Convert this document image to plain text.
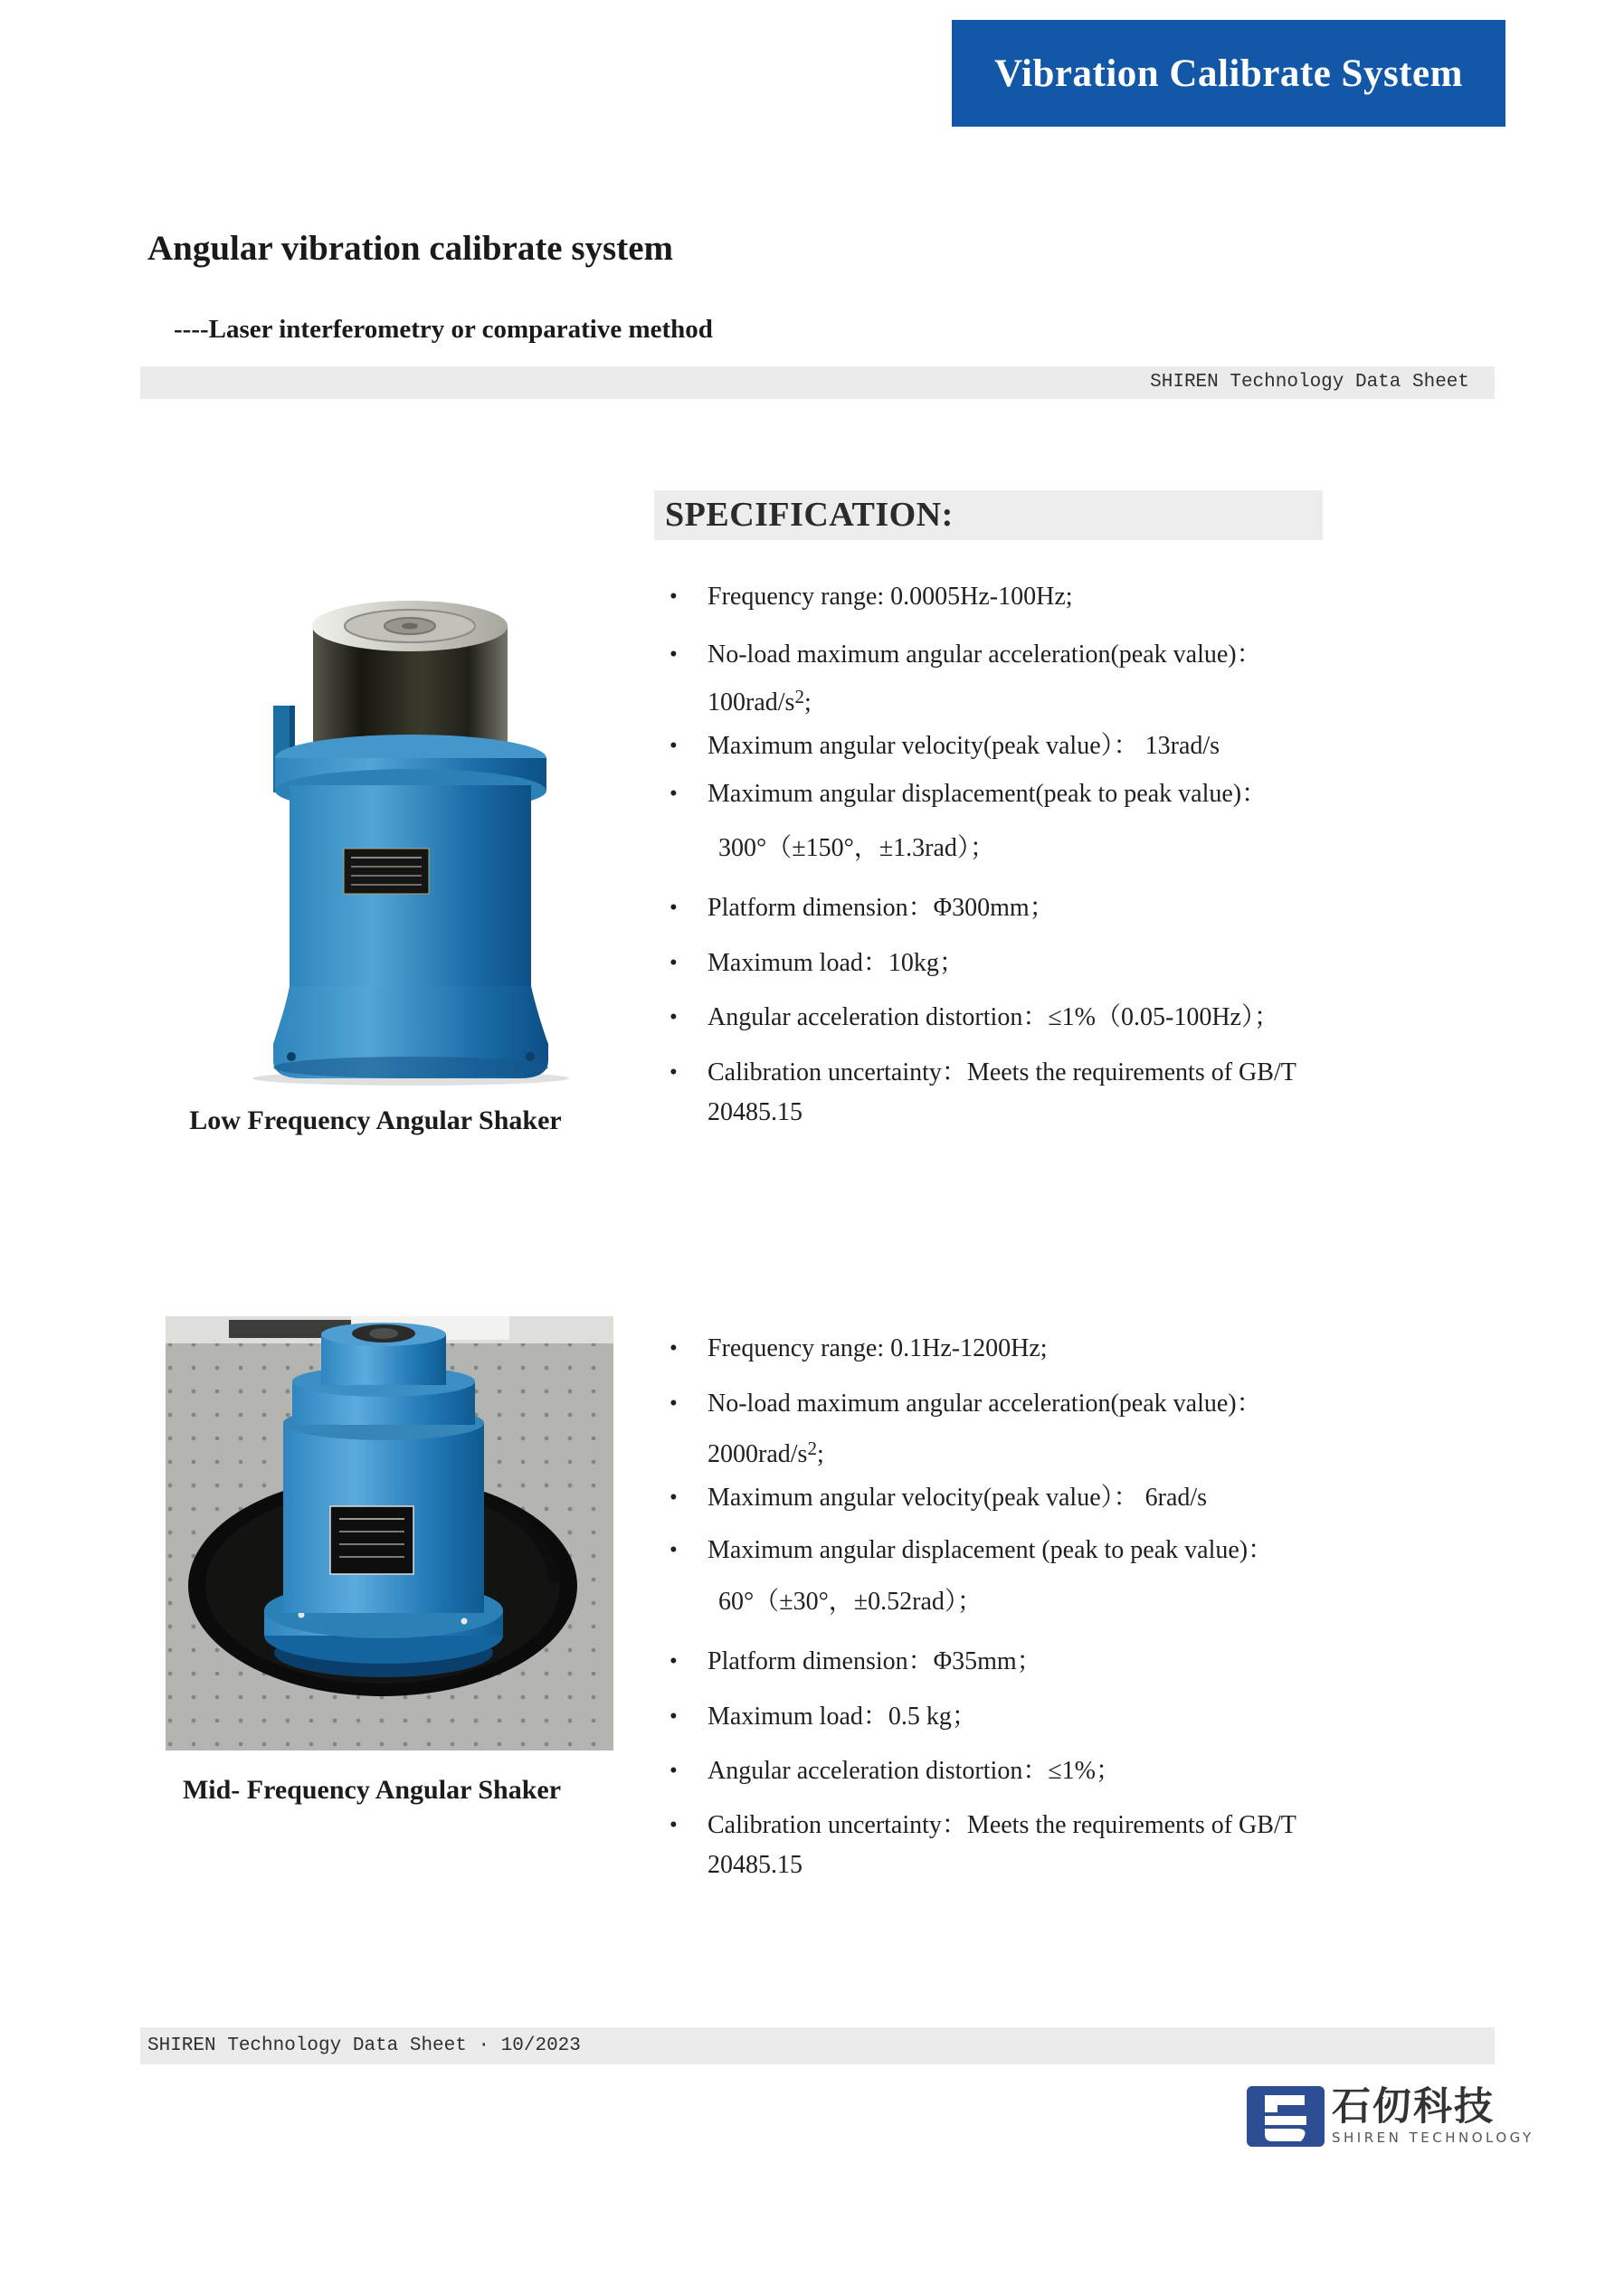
Vibration Calibrate System
Angular vibration calibrate system
----Laser interferometry or comparative method
SHIREN Technology Data Sheet
SPECIFICATION:
Low Frequency Angular Shaker
• Frequency range: 0.0005Hz-100Hz;
• No-load maximum angular acceleration(peak value)：
$100rad/s^2$;
• Maximum angular velocity(peak value）： 13rad/s
• Maximum angular displacement(peak to peak value)：
300°（±150°，±1.3rad）；
• Platform dimension：Φ300mm；
• Maximum load：10kg；
• Angular acceleration distortion：≤1%（0.05-100Hz）；
• Calibration uncertainty：Meets the requirements of GB/T
20485.15
Mid- Frequency Angular Shaker
• Frequency range: 0.1Hz-1200Hz;
• No-load maximum angular acceleration(peak value)：
$2000rad/s^2$;
• Maximum angular velocity(peak value）： 6rad/s
• Maximum angular displacement (peak to peak value)：
60°（±30°，±0.52rad）；
• Platform dimension：Φ35mm；
• Maximum load：0.5 kg；
• Angular acceleration distortion：≤1%；
• Calibration uncertainty：Meets the requirements of GB/T
20485.15
SHIREN Technology Data Sheet · 10/2023
石仞科技
SHIREN TECHNOLOGY
